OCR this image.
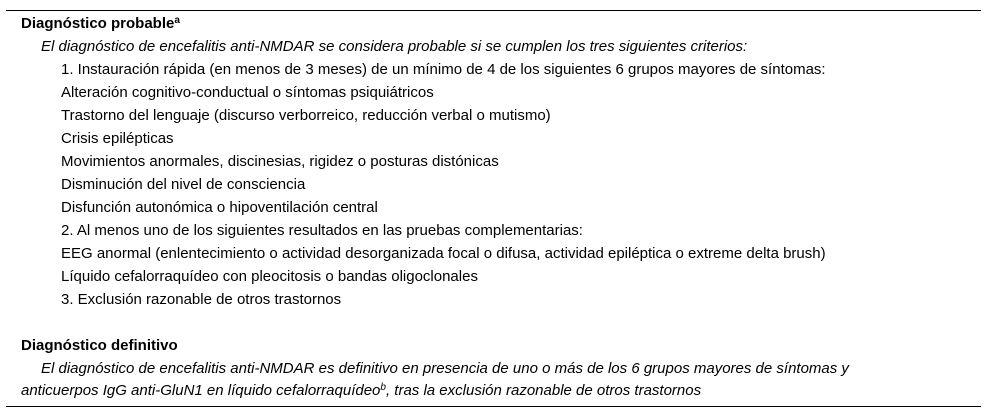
Diagnóstico probable$^a$
El diagnóstico de encefalitis anti-NMDAR se considera probable si se cumplen los tres siguientes criterios:
1. Instauración rápida (en menos de 3 meses) de un mínimo de 4 de los siguientes 6 grupos mayores de síntomas:
Alteración cognitivo-conductual o síntomas psiquiátricos
Trastorno del lenguaje (discurso verborreico, reducción verbal o mutismo)
Crisis epilépticas
Movimientos anormales, discinesias, rigidez o posturas distónicas
Disminución del nivel de consciencia
Disfunción autonómica o hipoventilación central
2. Al menos uno de los siguientes resultados en las pruebas complementarias:
EEG anormal (enlentecimiento o actividad desorganizada focal o difusa, actividad epiléptica o extreme delta brush)
Líquido cefalorraquídeo con pleocitosis o bandas oligoclonales
3. Exclusión razonable de otros trastornos
Diagnóstico definitivo
El diagnóstico de encefalitis anti-NMDAR es definitivo en presencia de uno o más de los 6 grupos mayores de síntomas y
anticuerpos IgG anti-GluN1 en líquido cefalorraquídeo$^b$, tras la exclusión razonable de otros trastornos
